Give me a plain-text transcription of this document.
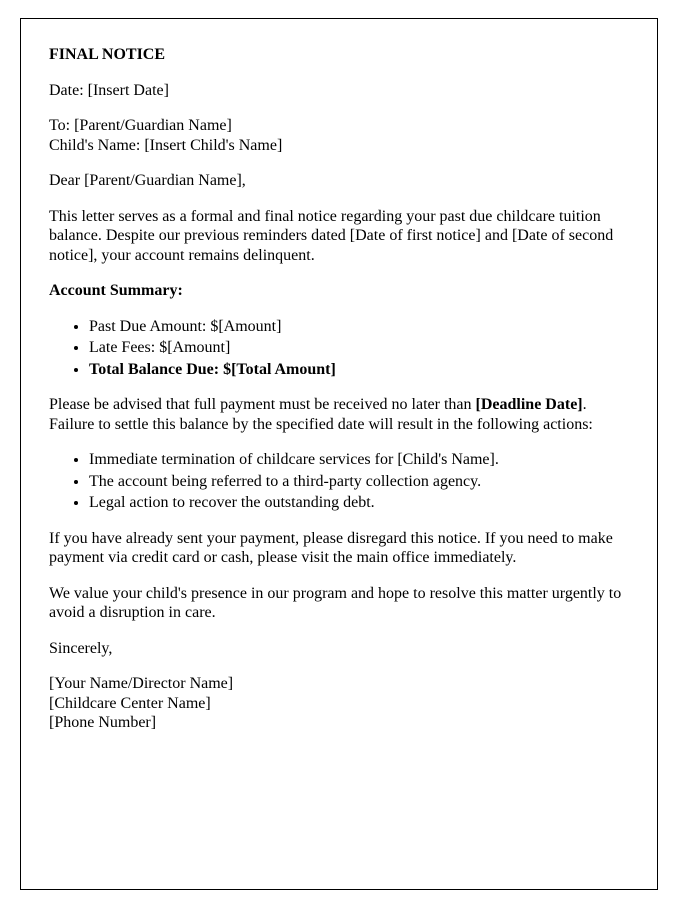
FINAL NOTICE

Date: [Insert Date]

To: [Parent/Guardian Name]

Child's Name: [Insert Child's Name]

Dear [Parent/Guardian Name],

This letter serves as a formal and final notice regarding your past due childcare tuition balance. Despite our previous reminders dated [Date of first notice] and [Date of second notice], your account remains delinquent.

Account Summary:

• Past Due Amount: $[Amount]
• Late Fees: $[Amount]
• Total Balance Due: $[Total Amount]

Please be advised that full payment must be received no later than [Deadline Date]. Failure to settle this balance by the specified date will result in the following actions:

• Immediate termination of childcare services for [Child's Name].
• The account being referred to a third-party collection agency.
• Legal action to recover the outstanding debt.

If you have already sent your payment, please disregard this notice. If you need to make payment via credit card or cash, please visit the main office immediately.

We value your child's presence in our program and hope to resolve this matter urgently to avoid a disruption in care.

Sincerely,

[Your Name/Director Name]

[Childcare Center Name]

[Phone Number]
